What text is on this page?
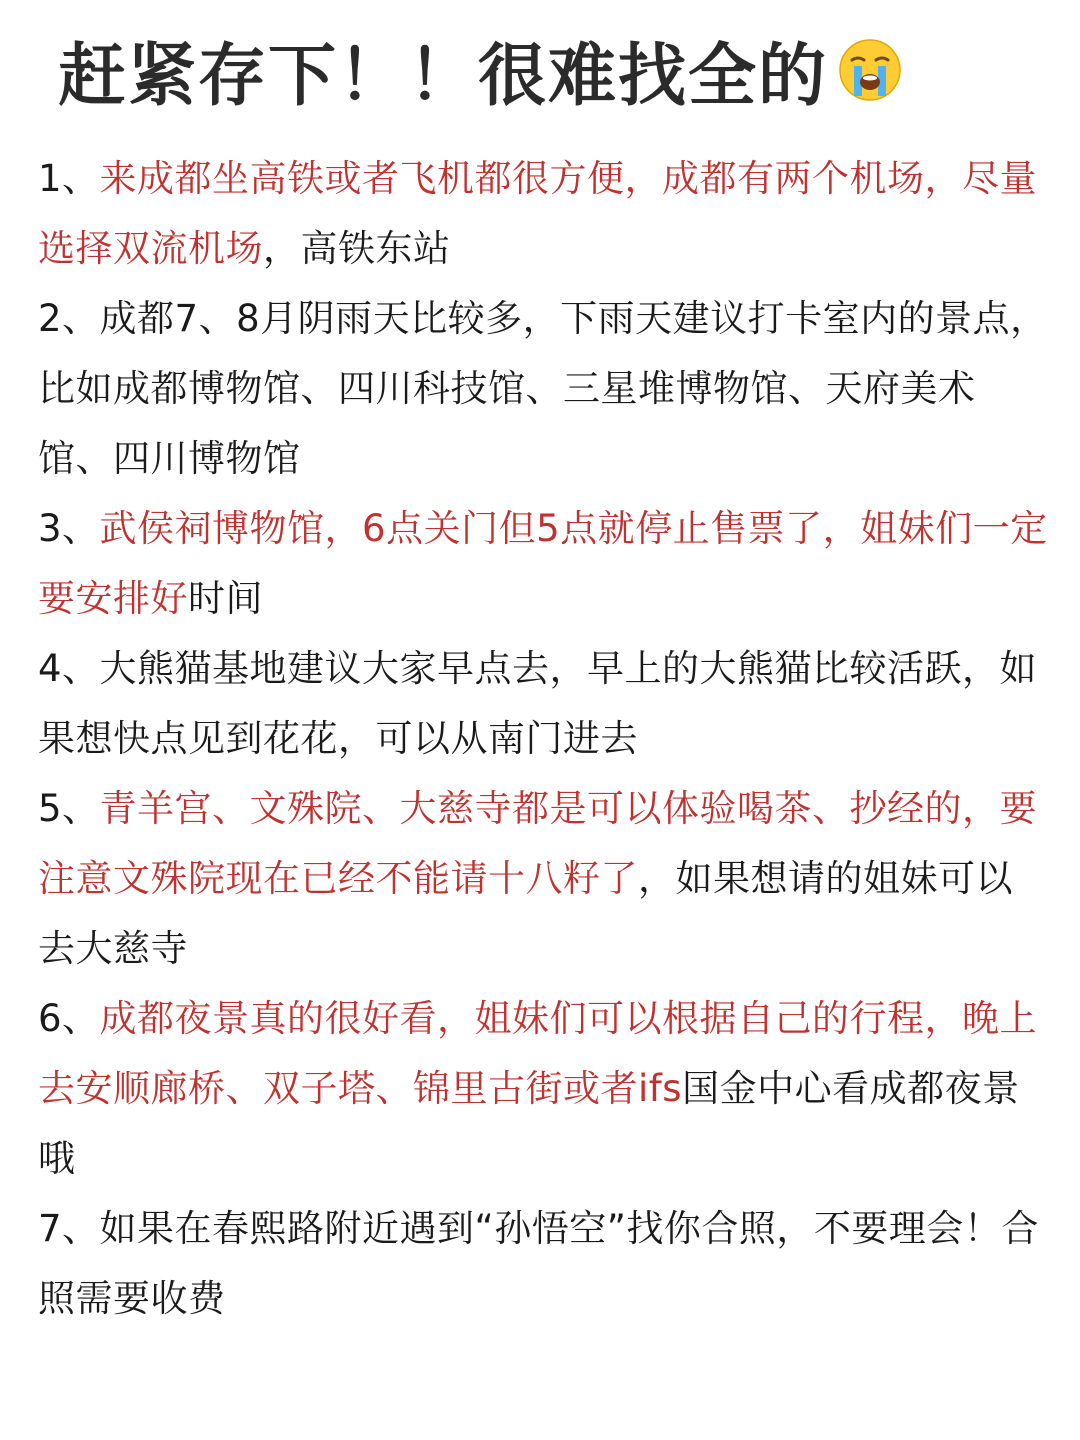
赶紧存下！！很难找全的

1、来成都坐高铁或者飞机都很方便，成都有两个机场，尽量选择双流机场，高铁东站

2、成都7、8月阴雨天比较多，下雨天建议打卡室内的景点，比如成都博物馆、四川科技馆、三星堆博物馆、天府美术馆、四川博物馆

3、武侯祠博物馆，6点关门但5点就停止售票了，姐妹们一定要安排好时间

4、大熊猫基地建议大家早点去，早上的大熊猫比较活跃，如果想快点见到花花，可以从南门进去

5、青羊宫、文殊院、大慈寺都是可以体验喝茶、抄经的，要注意文殊院现在已经不能请十八籽了，如果想请的姐妹可以去大慈寺

6、成都夜景真的很好看，姐妹们可以根据自己的行程，晚上去安顺廊桥、双子塔、锦里古街或者ifs国金中心看成都夜景哦

7、如果在春熙路附近遇到“孙悟空”找你合照，不要理会！合照需要收费
